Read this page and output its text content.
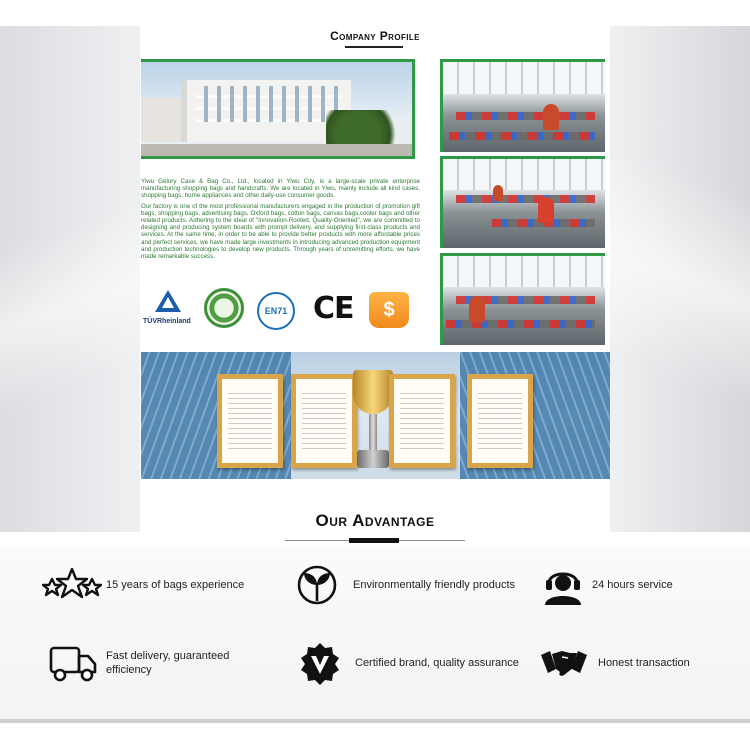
Company Profile

Yiwu Gelory Case & Bag Co., Ltd., located in Yiwu City, is a large-scale private enterprise manufacturing shopping bags and handcrafts. We are located in Yiwu, mainly include all kind cases, shopping bags, home appliances and other daily-use consumer goods.

Our factory is one of the most professional manufacturers engaged in the production of promotion gift bags, shopping bags, advertising bags, Oxford bags, cotton bags, canvas bags,cooler bags and other related products. Adhering to the ideal of "Innovation-Rooted, Quality-Oriented", we are committed to designing and producing system boards with prompt delivery, and supplying first-class products and services. At the same time, in order to be able to provide better products with more affordable prices and perfect services, we have made large investments in introducing advanced production equipment and production technologies to develop new products. Through years of unremitting efforts, we have made remarkable success.

TÜVRheinland
EN71 CE	$
Our Advantage
15 years of bags experience	Environmentally friendly products	24 hours service
Fast delivery, guaranteed efficiency
Certified brand, quality assurance	Honest transaction
